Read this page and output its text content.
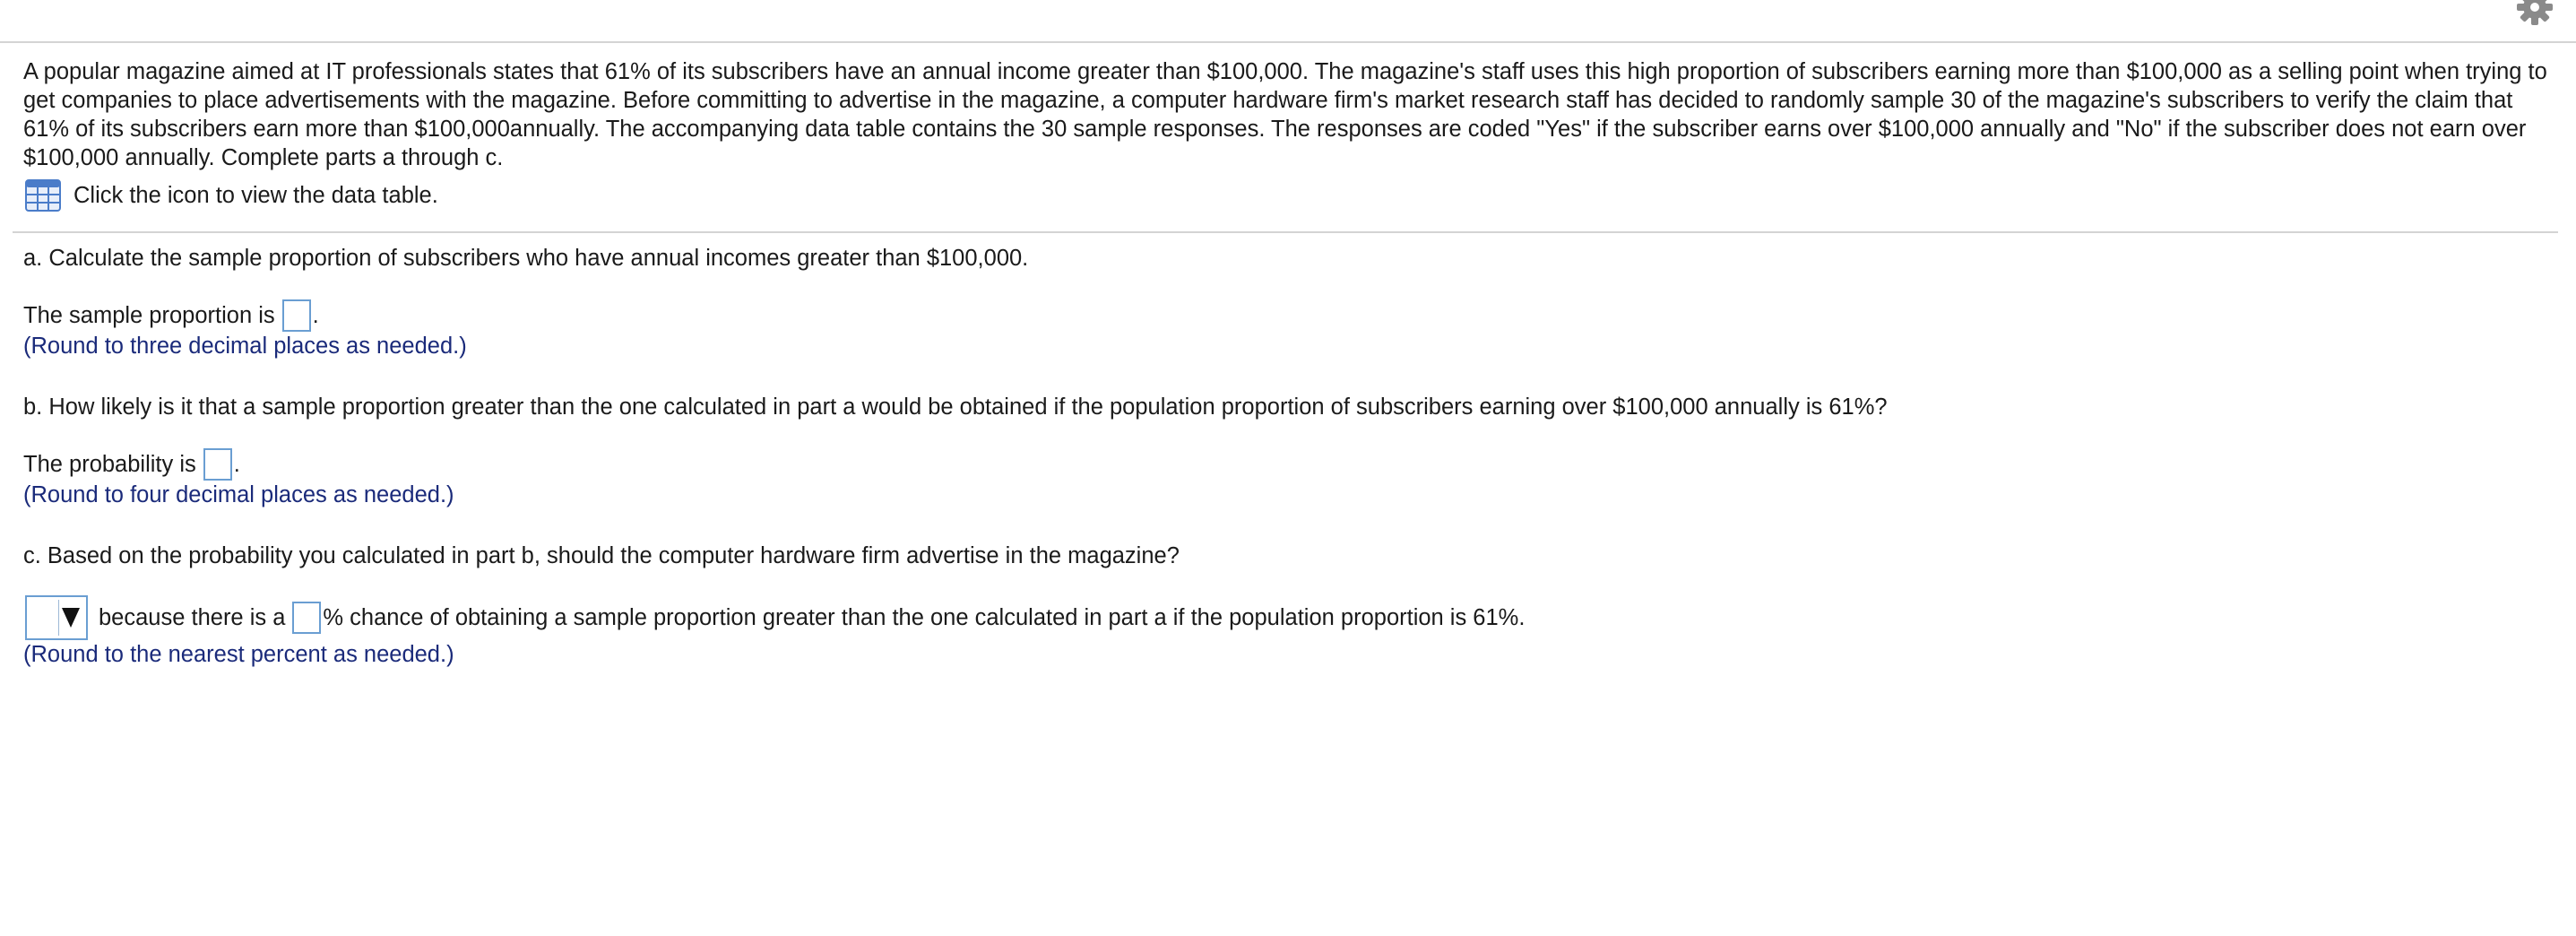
A popular magazine aimed at IT professionals states that 61% of its subscribers have an annual income greater than $100,000. The magazine's staff uses this high proportion of subscribers earning more than $100,000 as a selling point when trying to get companies to place advertisements with the magazine. Before committing to advertise in the magazine, a computer hardware firm's market research staff has decided to randomly sample 30 of the magazine's subscribers to verify the claim that 61% of its subscribers earn more than $100,000annually. The accompanying data table contains the 30 sample responses. The responses are coded "Yes" if the subscriber earns over $100,000 annually and "No" if the subscriber does not earn over $100,000 annually. Complete parts a through c.

Click the icon to view the data table.

a. Calculate the sample proportion of subscribers who have annual incomes greater than $100,000.

The sample proportion is .

(Round to three decimal places as needed.)

b. How likely is it that a sample proportion greater than the one calculated in part a would be obtained if the population proportion of subscribers earning over $100,000 annually is 61%?

The probability is .

(Round to four decimal places as needed.)

c. Based on the probability you calculated in part b, should the computer hardware firm advertise in the magazine?

because there is a % chance of obtaining a sample proportion greater than the one calculated in part a if the population proportion is 61%.

(Round to the nearest percent as needed.)
